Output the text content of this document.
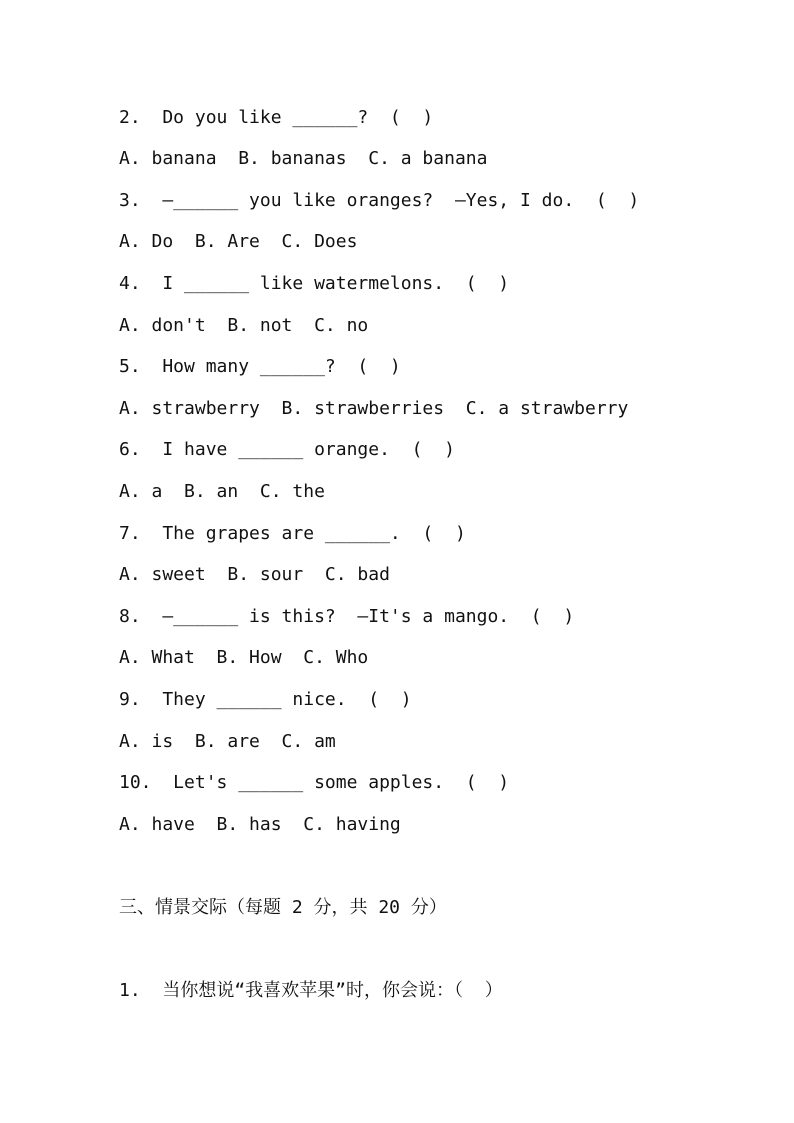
2.  Do you like ______?  (  )
A. banana  B. bananas  C. a banana
3.  —______ you like oranges?  —Yes, I do.  (  )
A. Do  B. Are  C. Does
4.  I ______ like watermelons.  (  )
A. don't  B. not  C. no
5.  How many ______?  (  )
A. strawberry  B. strawberries  C. a strawberry
6.  I have ______ orange.  (  )
A. a  B. an  C. the
7.  The grapes are ______.  (  )
A. sweet  B. sour  C. bad
8.  —______ is this?  —It's a mango.  (  )
A. What  B. How  C. Who
9.  They ______ nice.  (  )
A. is  B. are  C. am
10.  Let's ______ some apples.  (  )
A. have  B. has  C. having
三、情景交际（每题 2 分，共 20 分）
1.  当你想说“我喜欢苹果”时，你会说：（  ）
